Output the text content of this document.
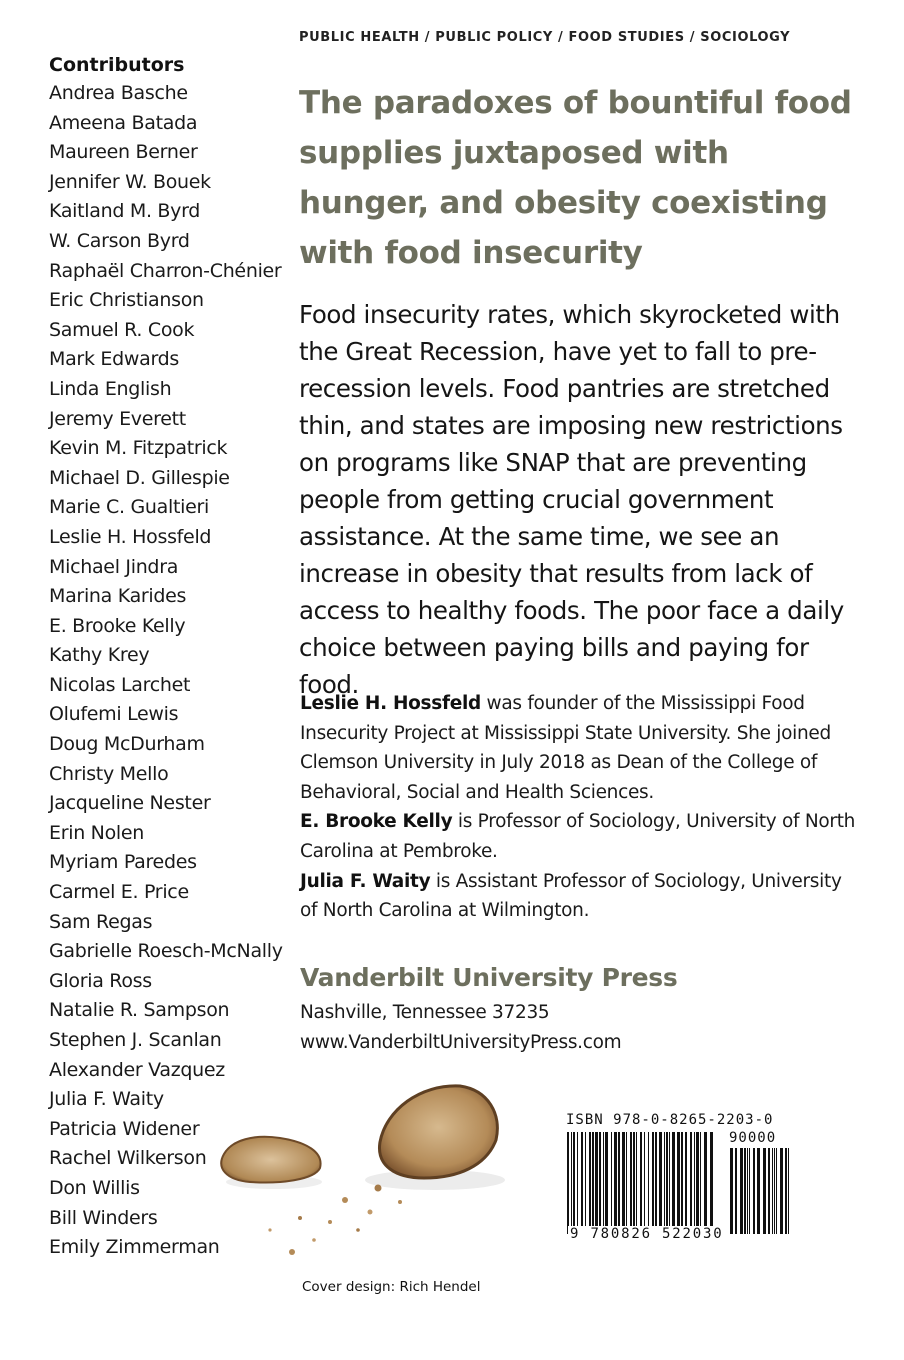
PUBLIC HEALTH / PUBLIC POLICY / FOOD STUDIES / SOCIOLOGY
Contributors
Andrea Basche
Ameena Batada
Maureen Berner
Jennifer W. Bouek
Kaitland M. Byrd
W. Carson Byrd
Raphaël Charron-Chénier
Eric Christianson
Samuel R. Cook
Mark Edwards
Linda English
Jeremy Everett
Kevin M. Fitzpatrick
Michael D. Gillespie
Marie C. Gualtieri
Leslie H. Hossfeld
Michael Jindra
Marina Karides
E. Brooke Kelly
Kathy Krey
Nicolas Larchet
Olufemi Lewis
Doug McDurham
Christy Mello
Jacqueline Nester
Erin Nolen
Myriam Paredes
Carmel E. Price
Sam Regas
Gabrielle Roesch-McNally
Gloria Ross
Natalie R. Sampson
Stephen J. Scanlan
Alexander Vazquez
Julia F. Waity
Patricia Widener
Rachel Wilkerson
Don Willis
Bill Winders
Emily Zimmerman
The paradoxes of bountiful food supplies juxtaposed with hunger, and obesity coexisting with food insecurity

Food insecurity rates, which skyrocketed with the Great Recession, have yet to fall to pre-recession levels. Food pantries are stretched thin, and states are imposing new restrictions on programs like SNAP that are preventing people from getting crucial government assistance. At the same time, we see an increase in obesity that results from lack of access to healthy foods. The poor face a daily choice between paying bills and paying for food.

Leslie H. Hossfeld was founder of the Mississippi Food Insecurity Project at Mississippi State University. She joined Clemson University in July 2018 as Dean of the College of Behavioral, Social and Health Sciences.

E. Brooke Kelly is Professor of Sociology, University of North Carolina at Pembroke.

Julia F. Waity is Assistant Professor of Sociology, University of North Carolina at Wilmington.

Vanderbilt University Press
Nashville, Tennessee 37235
www.VanderbiltUniversityPress.com
ISBN 978-0-8265-2203-0
90000
9 780826 522030
Cover design: Rich Hendel
